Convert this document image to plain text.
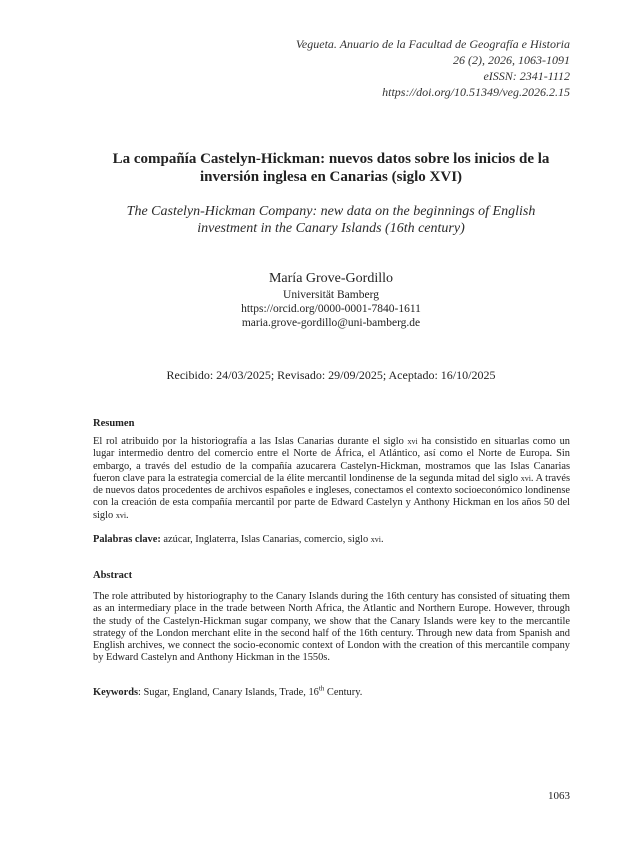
Vegueta. Anuario de la Facultad de Geografía e Historia
26 (2), 2026, 1063-1091
eISSN: 2341-1112
https://doi.org/10.51349/veg.2026.2.15
La compañía Castelyn-Hickman: nuevos datos sobre los inicios de la
inversión inglesa en Canarias (siglo XVI)
The Castelyn-Hickman Company: new data on the beginnings of English
investment in the Canary Islands (16th century)
María Grove-Gordillo
Universität Bamberg
https://orcid.org/0000-0001-7840-1611
maria.grove-gordillo@uni-bamberg.de
Recibido: 24/03/2025; Revisado: 29/09/2025; Aceptado: 16/10/2025
Resumen
El rol atribuido por la historiografía a las Islas Canarias durante el siglo xvi ha consistido en situarlas como un lugar intermedio dentro del comercio entre el Norte de África, el Atlántico, así como el Norte de Europa. Sin embargo, a través del estudio de la compañía azucarera Castelyn-Hickman, mostramos que las Islas Canarias fueron clave para la estrategia comercial de la élite mercantil londinense de la segunda mitad del siglo xvi. A través de nuevos datos procedentes de archivos españoles e ingleses, conectamos el contexto socioeconómico londinense con la creación de esta compañía mercantil por parte de Edward Castelyn y Anthony Hickman en los años 50 del siglo xvi.
Palabras clave: azúcar, Inglaterra, Islas Canarias, comercio, siglo xvi.
Abstract
The role attributed by historiography to the Canary Islands during the 16th century has consisted of situating them as an intermediary place in the trade between North Africa, the Atlantic and Northern Europe. However, through the study of the Castelyn-Hickman sugar company, we show that the Canary Islands were key to the mercantile strategy of the London merchant elite in the second half of the 16th century. Through new data from Spanish and English archives, we connect the socio-economic context of London with the creation of this mercantile company by Edward Castelyn and Anthony Hickman in the 1550s.
Keywords: Sugar, England, Canary Islands, Trade, 16th Century.
1063
